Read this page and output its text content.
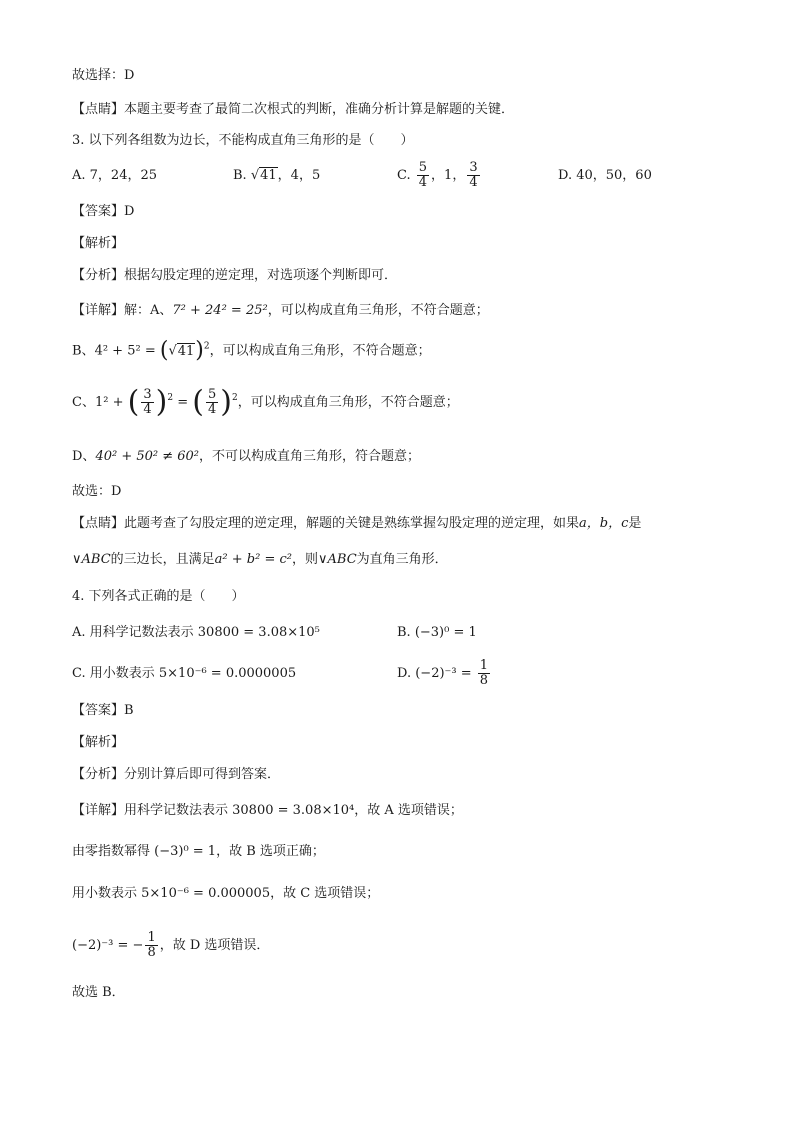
故选择：D
【点睛】本题主要考查了最简二次根式的判断，准确分析计算是解题的关键．
3. 以下列各组数为边长，不能构成直角三角形的是（　　）
A. 7，24，25	B. √41，4，5	C. $\frac{5}{4}$ ，1， $\frac{3}{4}$	D. 40，50，60
【答案】D
【解析】
【分析】根据勾股定理的逆定理，对选项逐个判断即可．
【详解】解：A、7² + 24² = 25²，可以构成直角三角形，不符合题意；
B、$4^2 + 5^2 = (√41)^2$，可以构成直角三角形，不符合题意；
C、1² + ( $\frac{3}{4} )^2$ = ( $\frac{5}{4} )^2$，可以构成直角三角形，不符合题意；
D、40² + 50² ≠ 60²，不可以构成直角三角形，符合题意；
故选：D
【点睛】此题考查了勾股定理的逆定理，解题的关键是熟练掌握勾股定理的逆定理，如果a，b，c是
∨ABC的三边长，且满足a² + b² = c²，则∨ABC为直角三角形．
4. 下列各式正确的是（　　）
A. 用科学记数法表示 30800 = 3.08×10⁵	B. (−3)⁰ = 1
C. 用小数表示 5×10⁻⁶ = 0.0000005	D. $(-2)^{-3} = \frac{1}{8}$
【答案】B
【解析】
【分析】分别计算后即可得到答案．
【详解】用科学记数法表示 30800 = 3.08×10⁴，故 A 选项错误；
由零指数幂得 (−3)⁰ = 1，故 B 选项正确；
用小数表示 5×10⁻⁶ = 0.000005，故 C 选项错误；
(−2)⁻³ = − $\frac{1}{8}$ ，故 D 选项错误．
故选 B．
